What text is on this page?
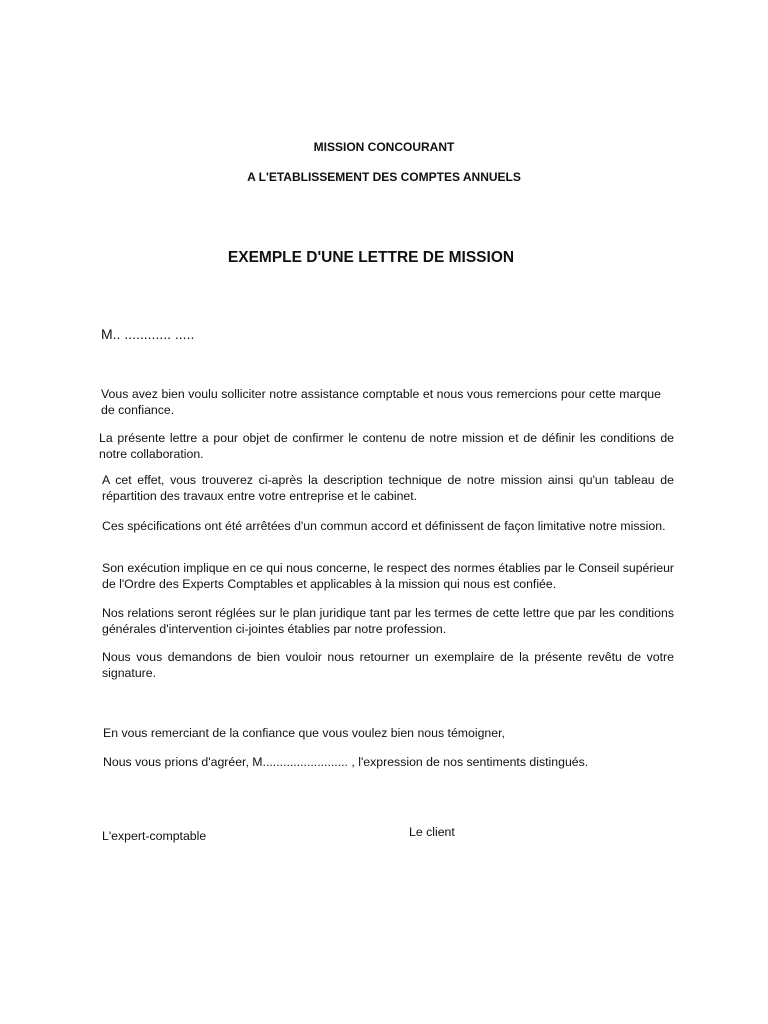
MISSION CONCOURANT
A L'ETABLISSEMENT DES COMPTES ANNUELS
EXEMPLE D'UNE LETTRE DE MISSION
M.. ............ .....
Vous avez bien voulu solliciter notre assistance comptable et nous vous remercions pour cette marque de confiance.
La présente lettre a pour objet de confirmer le contenu de notre mission et de définir les conditions de notre collaboration.
A cet effet, vous trouverez ci-après la description technique de notre mission ainsi qu'un tableau de répartition des travaux entre votre entreprise et le cabinet.
Ces spécifications ont été arrêtées d'un commun accord et définissent de façon limitative notre mission.
Son exécution implique en ce qui nous concerne, le respect des normes établies par le Conseil supérieur de l'Ordre des Experts Comptables et applicables à la mission qui nous est confiée.
Nos relations seront réglées sur le plan juridique tant par les termes de cette lettre que par les conditions générales d'intervention ci-jointes établies par notre profession.
Nous vous demandons de bien vouloir nous retourner un exemplaire de la présente revêtu de votre signature.
En vous remerciant de la confiance que vous voulez bien nous témoigner,
Nous vous prions d'agréer, M......................... , l'expression de nos sentiments distingués.
L'expert-comptable	Le client
